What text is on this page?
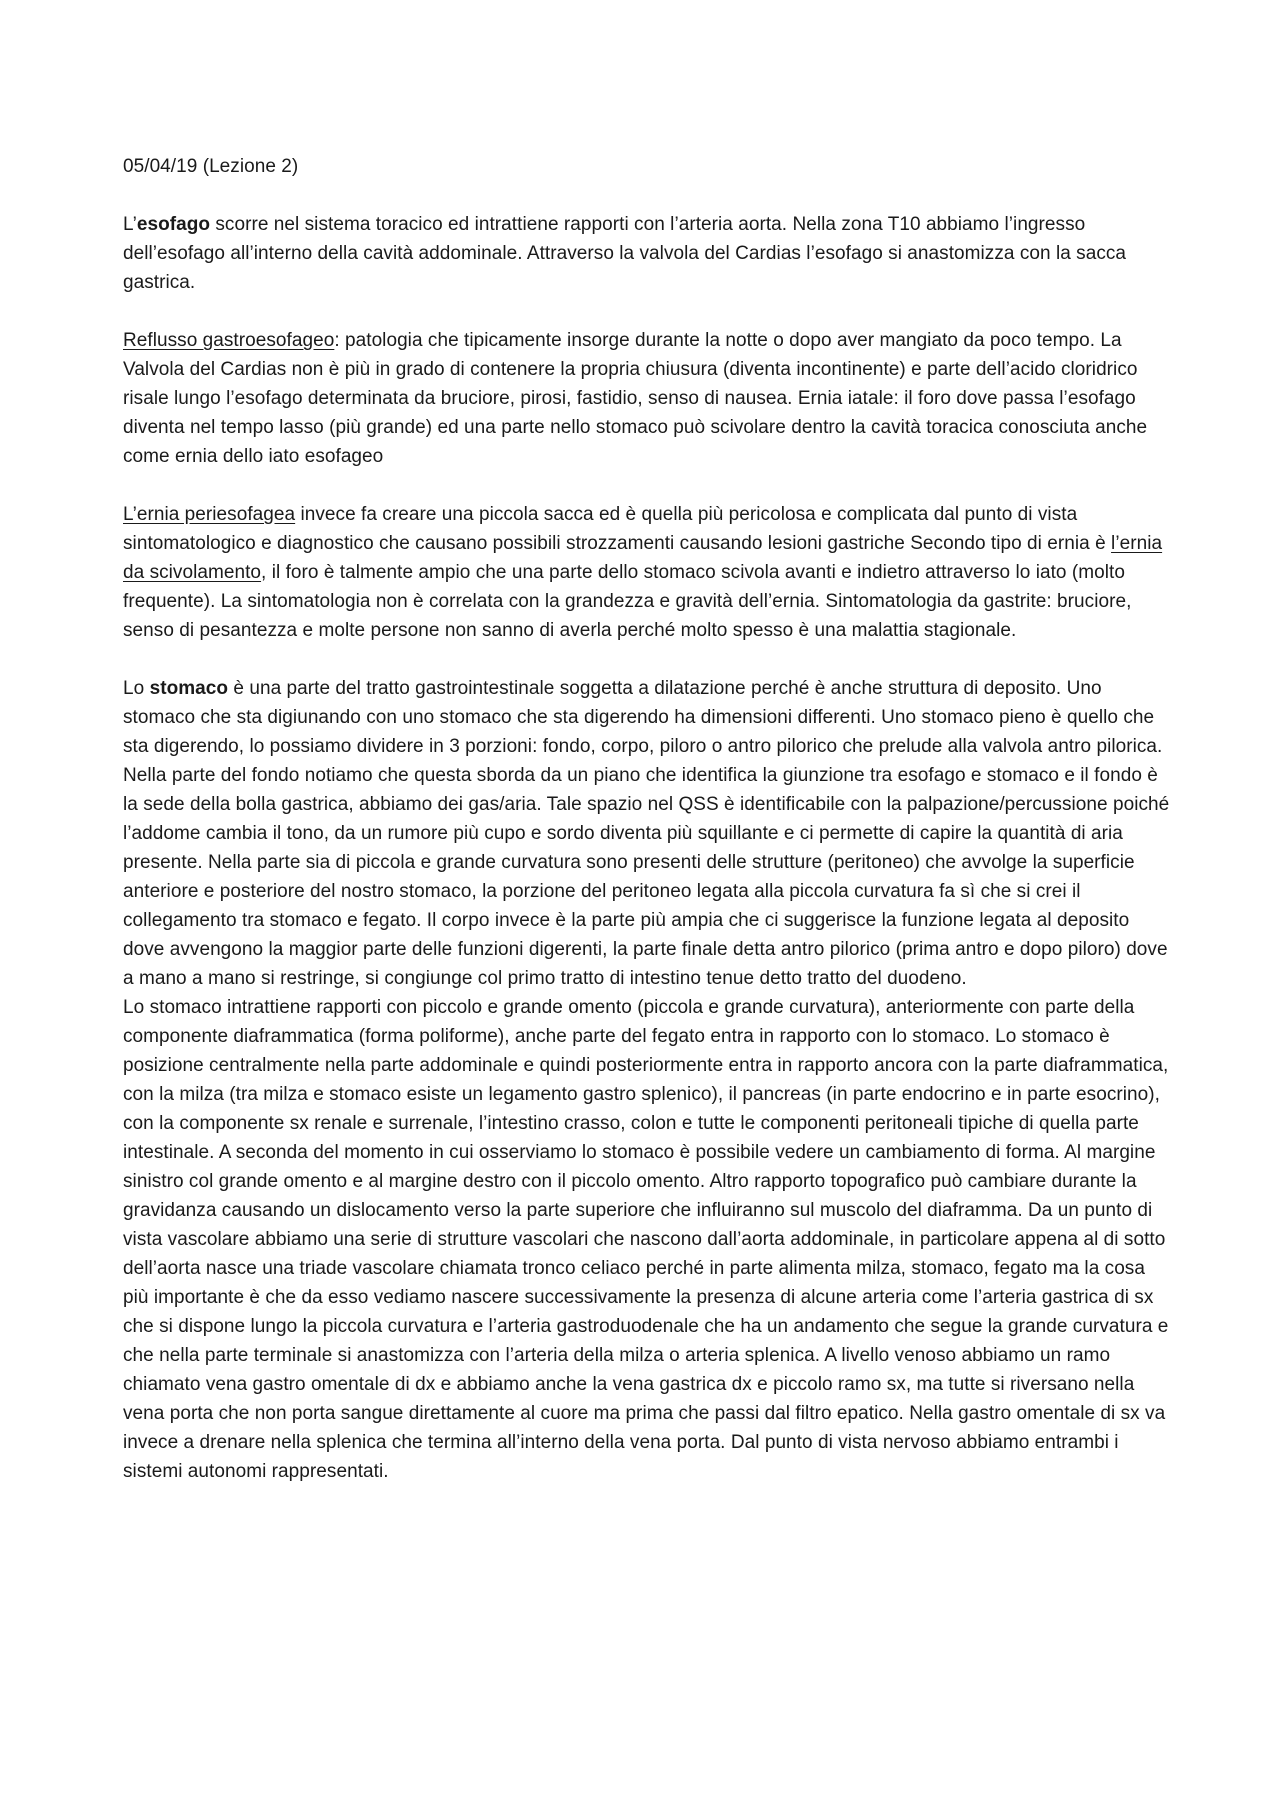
05/04/19 (Lezione 2)
L’esofago scorre nel sistema toracico ed intrattiene rapporti con l’arteria aorta. Nella zona T10 abbiamo l’ingresso dell’esofago all’interno della cavità addominale. Attraverso la valvola del Cardias l’esofago si anastomizza con la sacca gastrica.
Reflusso gastroesofageo: patologia che tipicamente insorge durante la notte o dopo aver mangiato da poco tempo. La Valvola del Cardias non è più in grado di contenere la propria chiusura (diventa incontinente) e parte dell’acido cloridrico risale lungo l’esofago determinata da bruciore, pirosi, fastidio, senso di nausea. Ernia iatale: il foro dove passa l’esofago diventa nel tempo lasso (più grande) ed una parte nello stomaco può scivolare dentro la cavità toracica conosciuta anche come ernia dello iato esofageo
L’ernia periesofagea invece fa creare una piccola sacca ed è quella più pericolosa e complicata dal punto di vista sintomatologico e diagnostico che causano possibili strozzamenti causando lesioni gastriche Secondo tipo di ernia è l’ernia da scivolamento, il foro è talmente ampio che una parte dello stomaco scivola avanti e indietro attraverso lo iato (molto frequente). La sintomatologia non è correlata con la grandezza e gravità dell’ernia. Sintomatologia da gastrite: bruciore, senso di pesantezza e molte persone non sanno di averla perché molto spesso è una malattia stagionale.
Lo stomaco è una parte del tratto gastrointestinale soggetta a dilatazione perché è anche struttura di deposito. Uno stomaco che sta digiunando con uno stomaco che sta digerendo ha dimensioni differenti. Uno stomaco pieno è quello che sta digerendo, lo possiamo dividere in 3 porzioni: fondo, corpo, piloro o antro pilorico che prelude alla valvola antro pilorica. Nella parte del fondo notiamo che questa sborda da un piano che identifica la giunzione tra esofago e stomaco e il fondo è la sede della bolla gastrica, abbiamo dei gas/aria. Tale spazio nel QSS è identificabile con la palpazione/percussione poiché l’addome cambia il tono, da un rumore più cupo e sordo diventa più squillante e ci permette di capire la quantità di aria presente. Nella parte sia di piccola e grande curvatura sono presenti delle strutture (peritoneo) che avvolge la superficie anteriore e posteriore del nostro stomaco, la porzione del peritoneo legata alla piccola curvatura fa sì che si crei il collegamento tra stomaco e fegato. Il corpo invece è la parte più ampia che ci suggerisce la funzione legata al deposito dove avvengono la maggior parte delle funzioni digerenti, la parte finale detta antro pilorico (prima antro e dopo piloro) dove a mano a mano si restringe, si congiunge col primo tratto di intestino tenue detto tratto del duodeno.
Lo stomaco intrattiene rapporti con piccolo e grande omento (piccola e grande curvatura), anteriormente con parte della componente diaframmatica (forma poliforme), anche parte del fegato entra in rapporto con lo stomaco. Lo stomaco è posizione centralmente nella parte addominale e quindi posteriormente entra in rapporto ancora con la parte diaframmatica, con la milza (tra milza e stomaco esiste un legamento gastro splenico), il pancreas (in parte endocrino e in parte esocrino), con la componente sx renale e surrenale, l’intestino crasso, colon e tutte le componenti peritoneali tipiche di quella parte intestinale. A seconda del momento in cui osserviamo lo stomaco è possibile vedere un cambiamento di forma. Al margine sinistro col grande omento e al margine destro con il piccolo omento. Altro rapporto topografico può cambiare durante la gravidanza causando un dislocamento verso la parte superiore che influiranno sul muscolo del diaframma. Da un punto di vista vascolare abbiamo una serie di strutture vascolari che nascono dall’aorta addominale, in particolare appena al di sotto dell’aorta nasce una triade vascolare chiamata tronco celiaco perché in parte alimenta milza, stomaco, fegato ma la cosa più importante è che da esso vediamo nascere successivamente la presenza di alcune arteria come l’arteria gastrica di sx che si dispone lungo la piccola curvatura e l’arteria gastroduodenale che ha un andamento che segue la grande curvatura e che nella parte terminale si anastomizza con l’arteria della milza o arteria splenica. A livello venoso abbiamo un ramo chiamato vena gastro omentale di dx e abbiamo anche la vena gastrica dx e piccolo ramo sx, ma tutte si riversano nella vena porta che non porta sangue direttamente al cuore ma prima che passi dal filtro epatico. Nella gastro omentale di sx va invece a drenare nella splenica che termina all’interno della vena porta. Dal punto di vista nervoso abbiamo entrambi i sistemi autonomi rappresentati.
